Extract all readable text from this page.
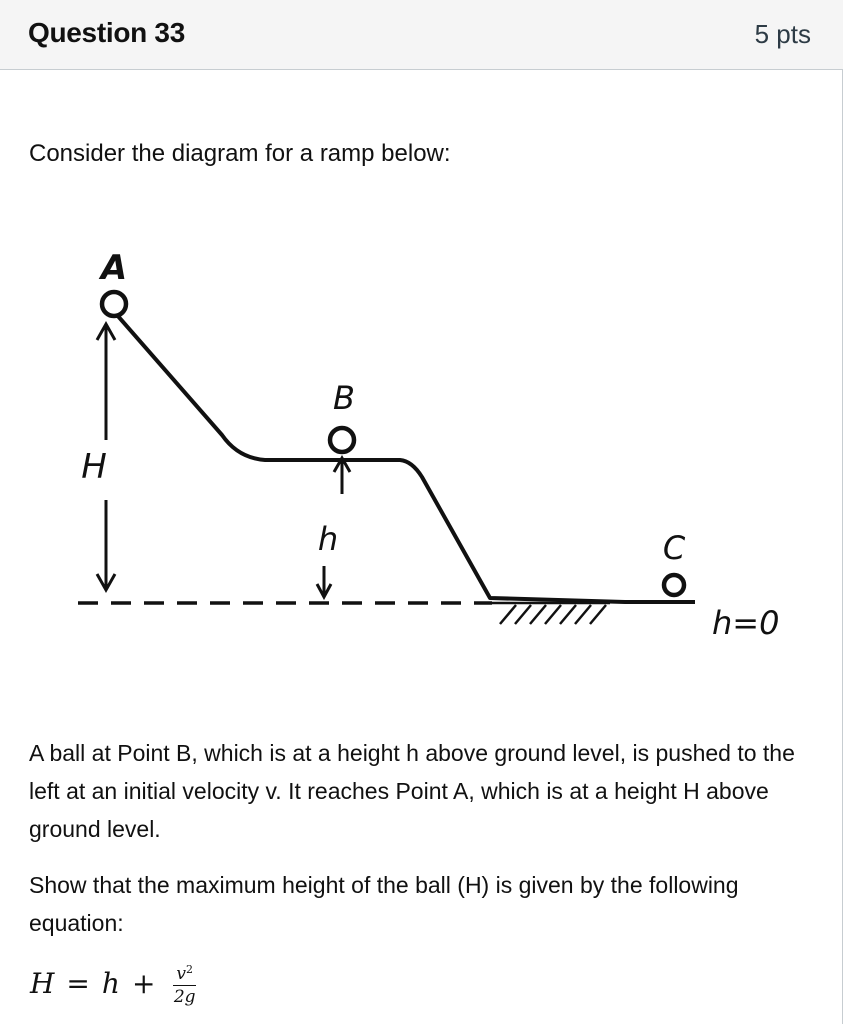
Question 33	5 pts
Consider the diagram for a ramp below:
A
B
C
H
h
h=0
A ball at Point B, which is at a height h above ground level, is pushed to the left at an initial velocity v. It reaches Point A, which is at a height H above ground level.
Show that the maximum height of the ball (H) is given by the following equation:
$H = h + \frac{v^2}{2g}$
